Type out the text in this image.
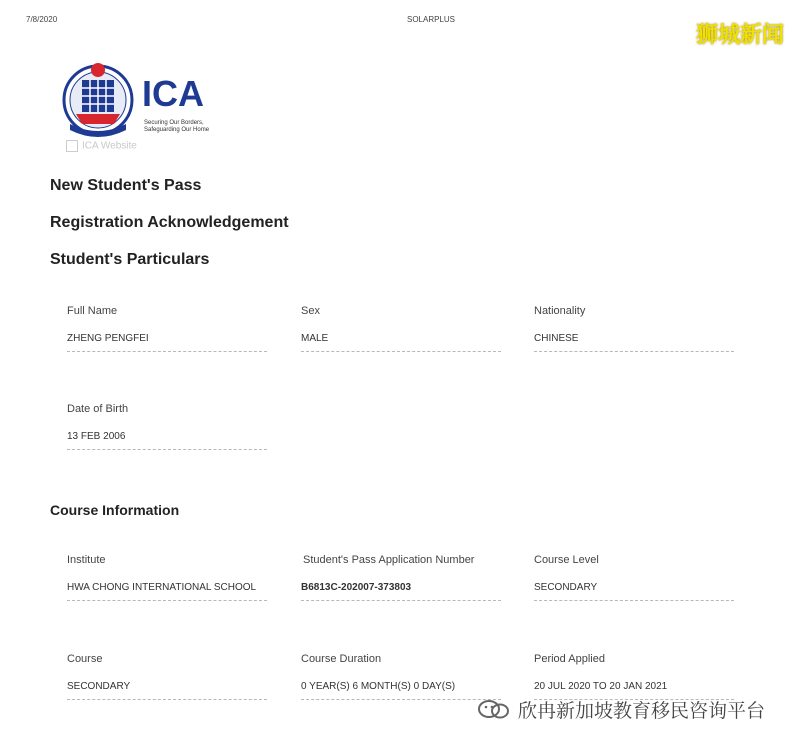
7/8/2020	SOLARPLUS
狮城新闻
ICA
Securing Our Borders,
Safeguarding Our Home
ICA Website
New Student's Pass
Registration Acknowledgement
Student's Particulars
Full Name
ZHENG PENGFEI
Sex
MALE
Nationality
CHINESE
Date of Birth
13 FEB 2006
Course Information
Institute
HWA CHONG INTERNATIONAL SCHOOL
Student's Pass Application Number
B6813C-202007-373803
Course Level
SECONDARY
Course
SECONDARY
Course Duration
0 YEAR(S) 6 MONTH(S) 0 DAY(S)
Period Applied
20 JUL 2020 TO 20 JAN 2021
欣冉新加坡教育移民咨询平台
